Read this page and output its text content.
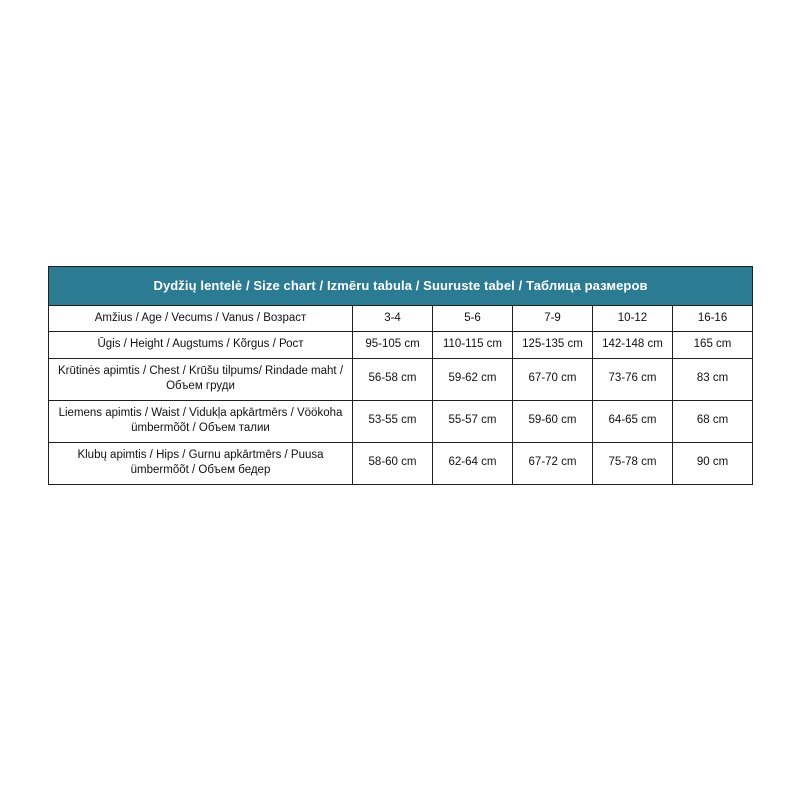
Dydžių lentelė / Size chart / Izmēru tabula / Suuruste tabel / Таблица размеров					
Amžius / Age / Vecums / Vanus / Возраст	3-4	5-6	7-9	10-12	16-16
Ūgis / Height / Augstums / Kõrgus / Рост	95-105 cm	110-115 cm	125-135 cm	142-148 cm	165 cm
Krūtinės apimtis / Chest / Krūšu tilpums/ Rindade maht / Объем груди	56-58 cm	59-62 cm	67-70 cm	73-76 cm	83 cm
Liemens apimtis / Waist / Vidukļa apkārtmērs / Vöökoha ümbermõõt / Объем талии	53-55 cm	55-57 cm	59-60 cm	64-65 cm	68 cm
Klubų apimtis / Hips / Gurnu apkārtmērs / Puusa ümbermõõt / Объем бедер	58-60 cm	62-64 cm	67-72 cm	75-78 cm	90 cm
